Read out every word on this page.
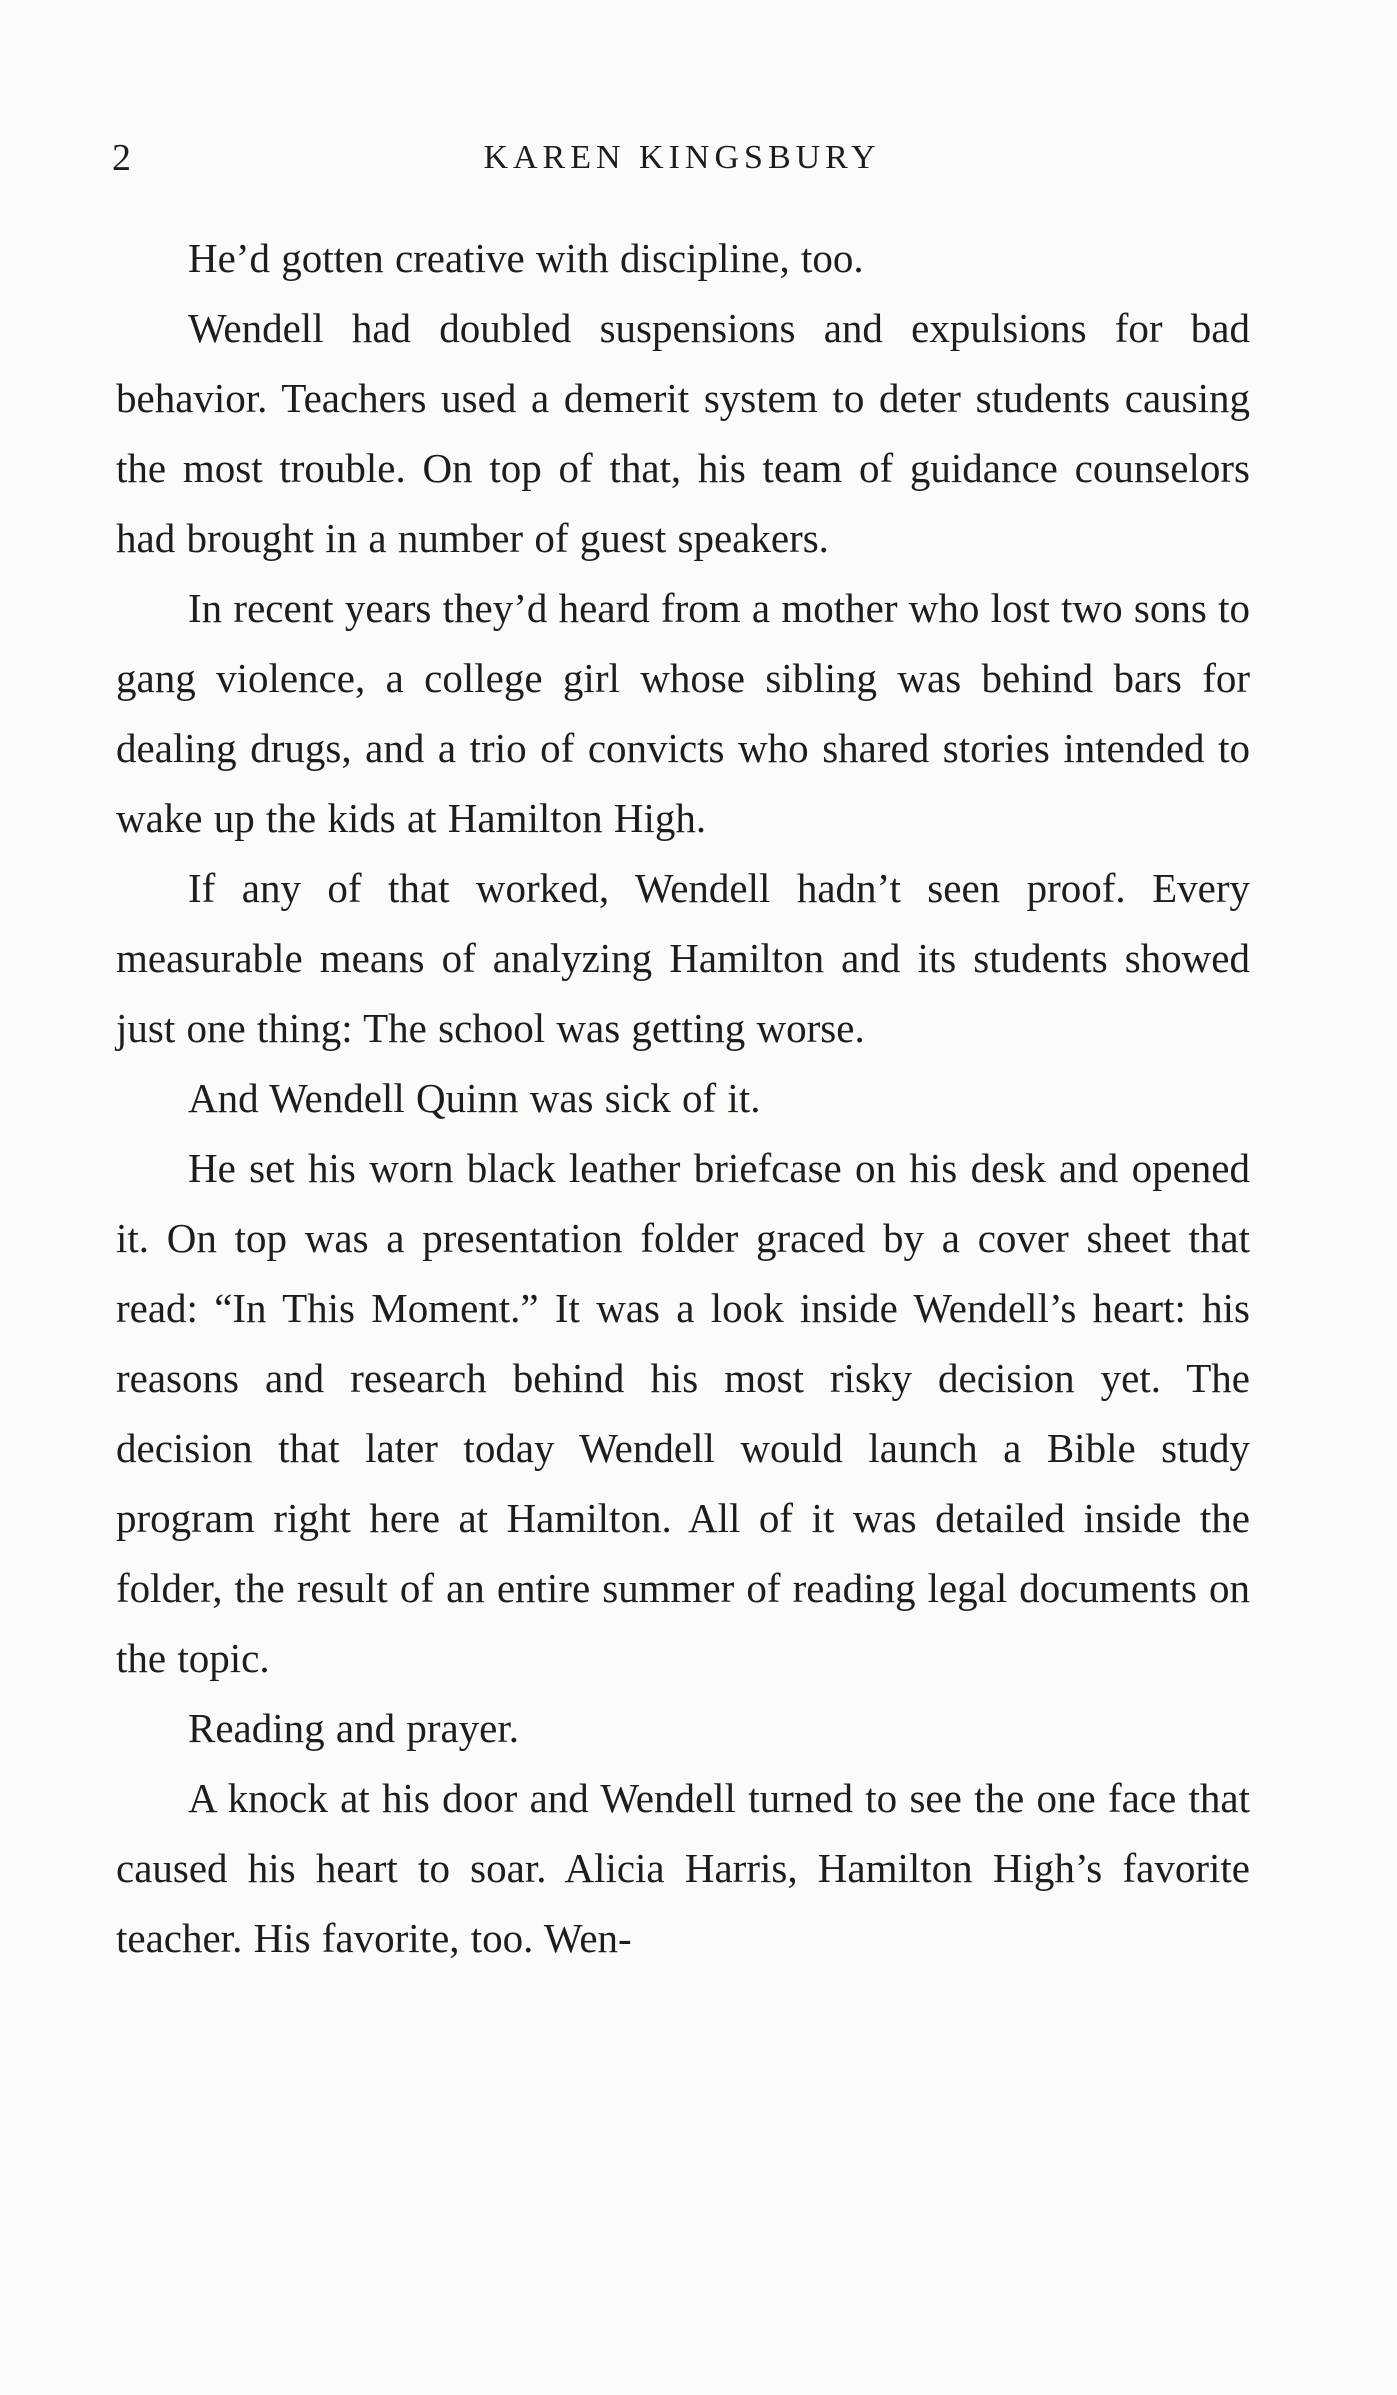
2	KAREN KINGSBURY

He’d gotten creative with discipline, too.

Wendell had doubled suspensions and expulsions for bad behavior. Teachers used a demerit system to deter students causing the most trouble. On top of that, his team of guidance counselors had brought in a number of guest speakers.

In recent years they’d heard from a mother who lost two sons to gang violence, a college girl whose sibling was behind bars for dealing drugs, and a trio of convicts who shared stories intended to wake up the kids at Hamilton High.

If any of that worked, Wendell hadn’t seen proof. Every measurable means of analyzing Hamilton and its students showed just one thing: The school was getting worse.

And Wendell Quinn was sick of it.

He set his worn black leather briefcase on his desk and opened it. On top was a presentation folder graced by a cover sheet that read: “In This Moment.” It was a look inside Wendell’s heart: his reasons and research behind his most risky decision yet. The decision that later today Wendell would launch a Bible study program right here at Hamilton. All of it was detailed inside the folder, the result of an entire summer of reading legal documents on the topic.

Reading and prayer.

A knock at his door and Wendell turned to see the one face that caused his heart to soar. Alicia Harris, Hamilton High’s favorite teacher. His favorite, too. Wen-
